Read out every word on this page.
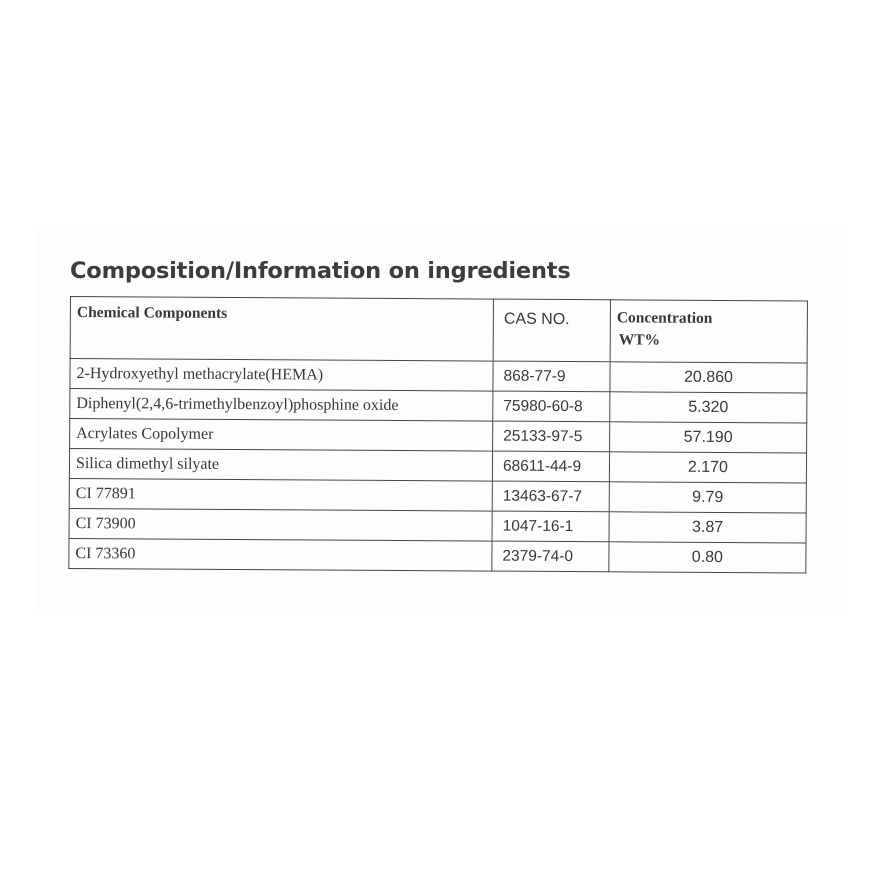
Composition/Information on ingredients
Chemical Components	CAS NO.	Concentration
WT%

2-Hydroxyethyl methacrylate(HEMA)	868-77-9	20.860
Diphenyl(2,4,6-trimethylbenzoyl)phosphine oxide	75980-60-8	5.320
Acrylates Copolymer	25133-97-5	57.190
Silica dimethyl silyate	68611-44-9	2.170
CI 77891	13463-67-7	9.79
CI 73900	1047-16-1	3.87
CI 73360	2379-74-0	0.80
